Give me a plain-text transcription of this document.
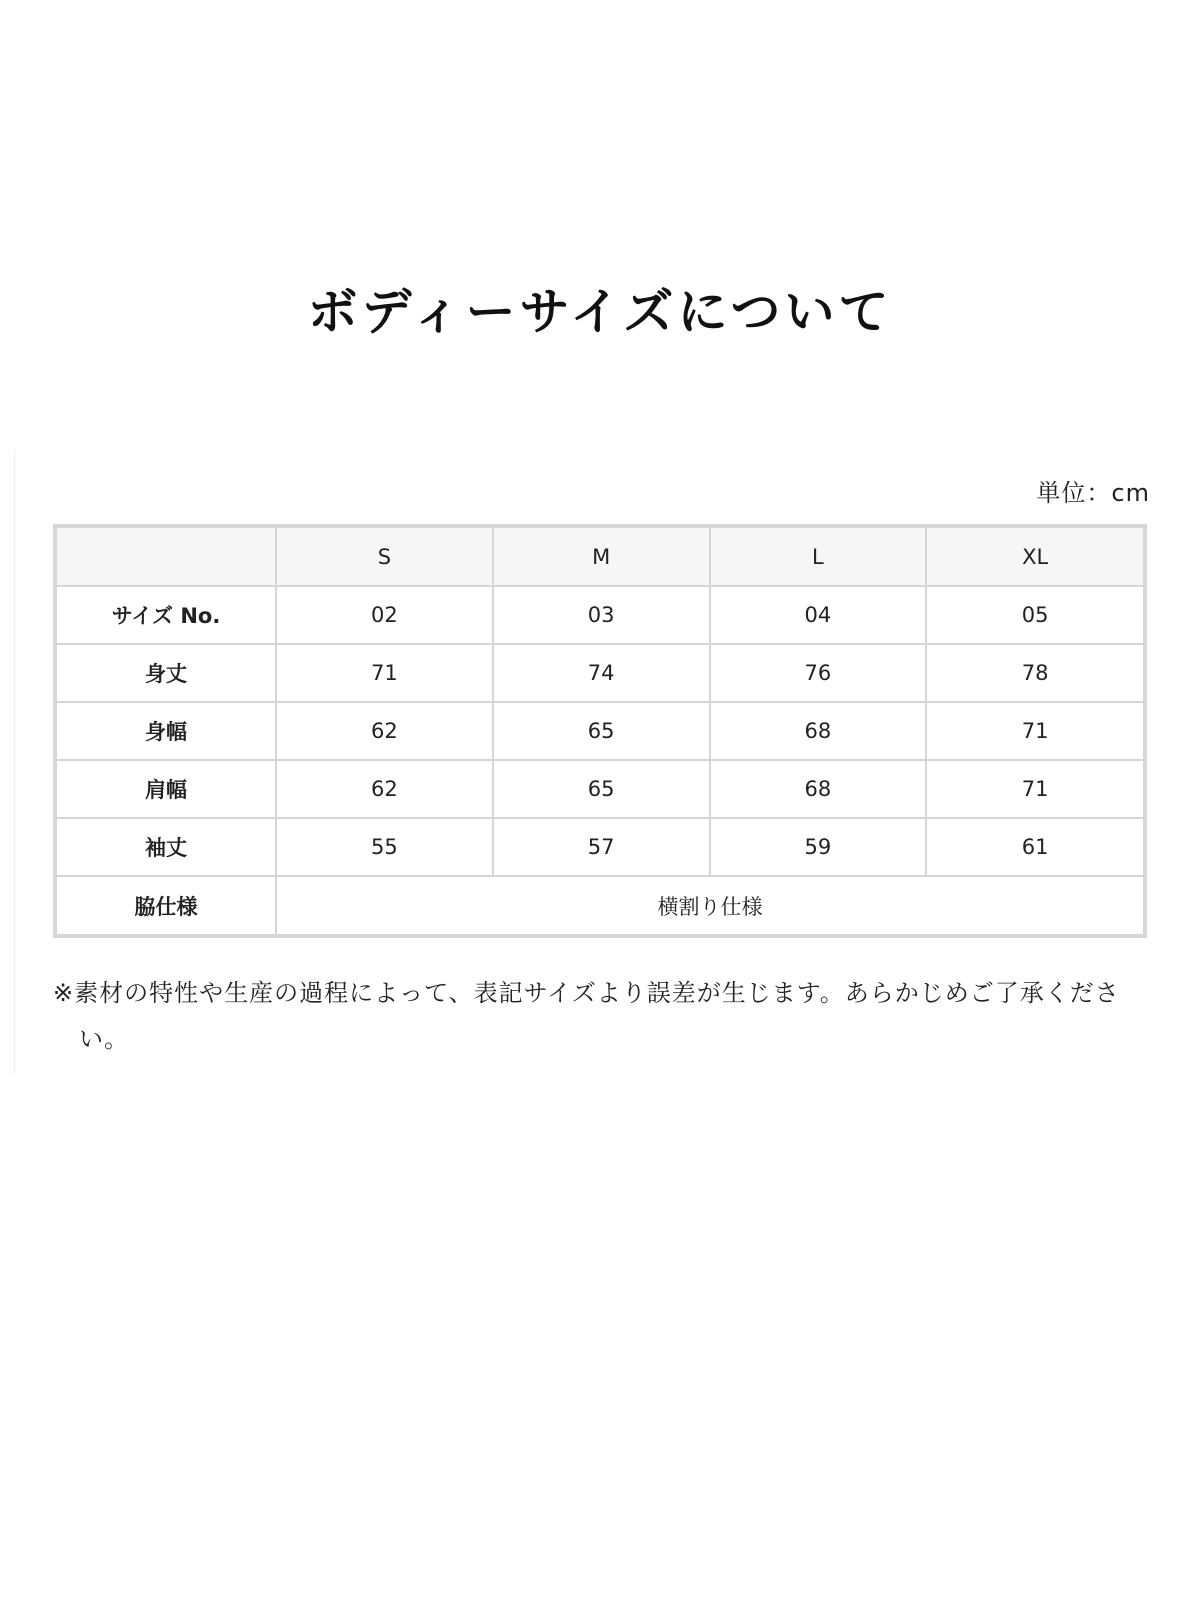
ボディーサイズについて
単位：cm
	S	M	L	XL
サイズ No.	02	03	04	05
身丈	71	74	76	78
身幅	62	65	68	71
肩幅	62	65	68	71
袖丈	55	57	59	61
脇仕様	横割り仕様			
※素材の特性や生産の過程によって、表記サイズより誤差が生じます。あらかじめご了承ください。
